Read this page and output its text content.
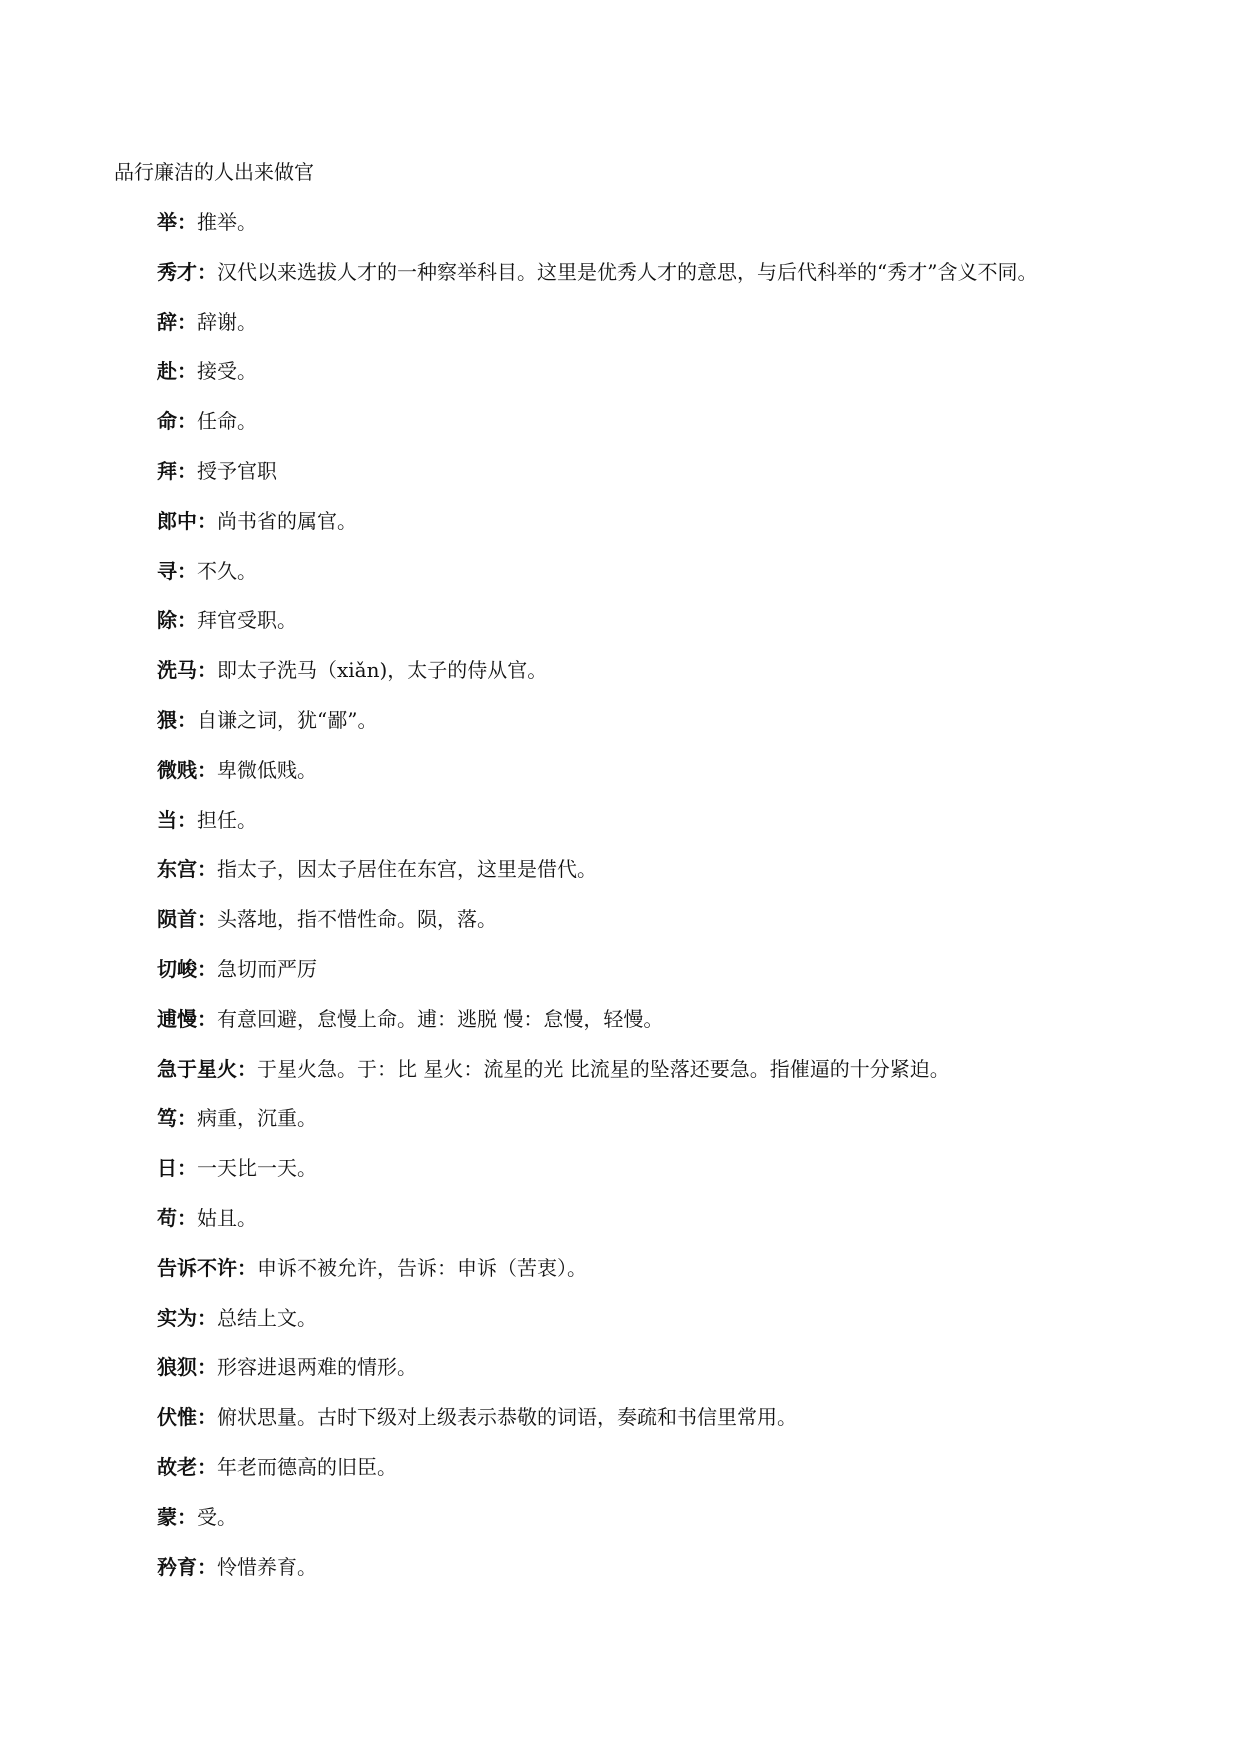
品行廉洁的人出来做官
举：推举。
秀才：汉代以来选拔人才的一种察举科目。这里是优秀人才的意思，与后代科举的“秀才”含义不同。
辞：辞谢。
赴：接受。
命：任命。
拜：授予官职
郎中：尚书省的属官。
寻：不久。
除：拜官受职。
洗马：即太子洗马（xiǎn)，太子的侍从官。
猥：自谦之词，犹“鄙”。
微贱：卑微低贱。
当：担任。
东宫：指太子，因太子居住在东宫，这里是借代。
陨首：头落地，指不惜性命。陨，落。
切峻：急切而严厉
逋慢：有意回避，怠慢上命。逋：逃脱 慢：怠慢，轻慢。
急于星火：于星火急。于：比 星火：流星的光 比流星的坠落还要急。指催逼的十分紧迫。
笃：病重，沉重。
日：一天比一天。
苟：姑且。
告诉不许：申诉不被允许，告诉：申诉（苦衷）。
实为：总结上文。
狼狈：形容进退两难的情形。
伏惟：俯状思量。古时下级对上级表示恭敬的词语，奏疏和书信里常用。
故老：年老而德高的旧臣。
蒙：受。
矜育：怜惜养育。
